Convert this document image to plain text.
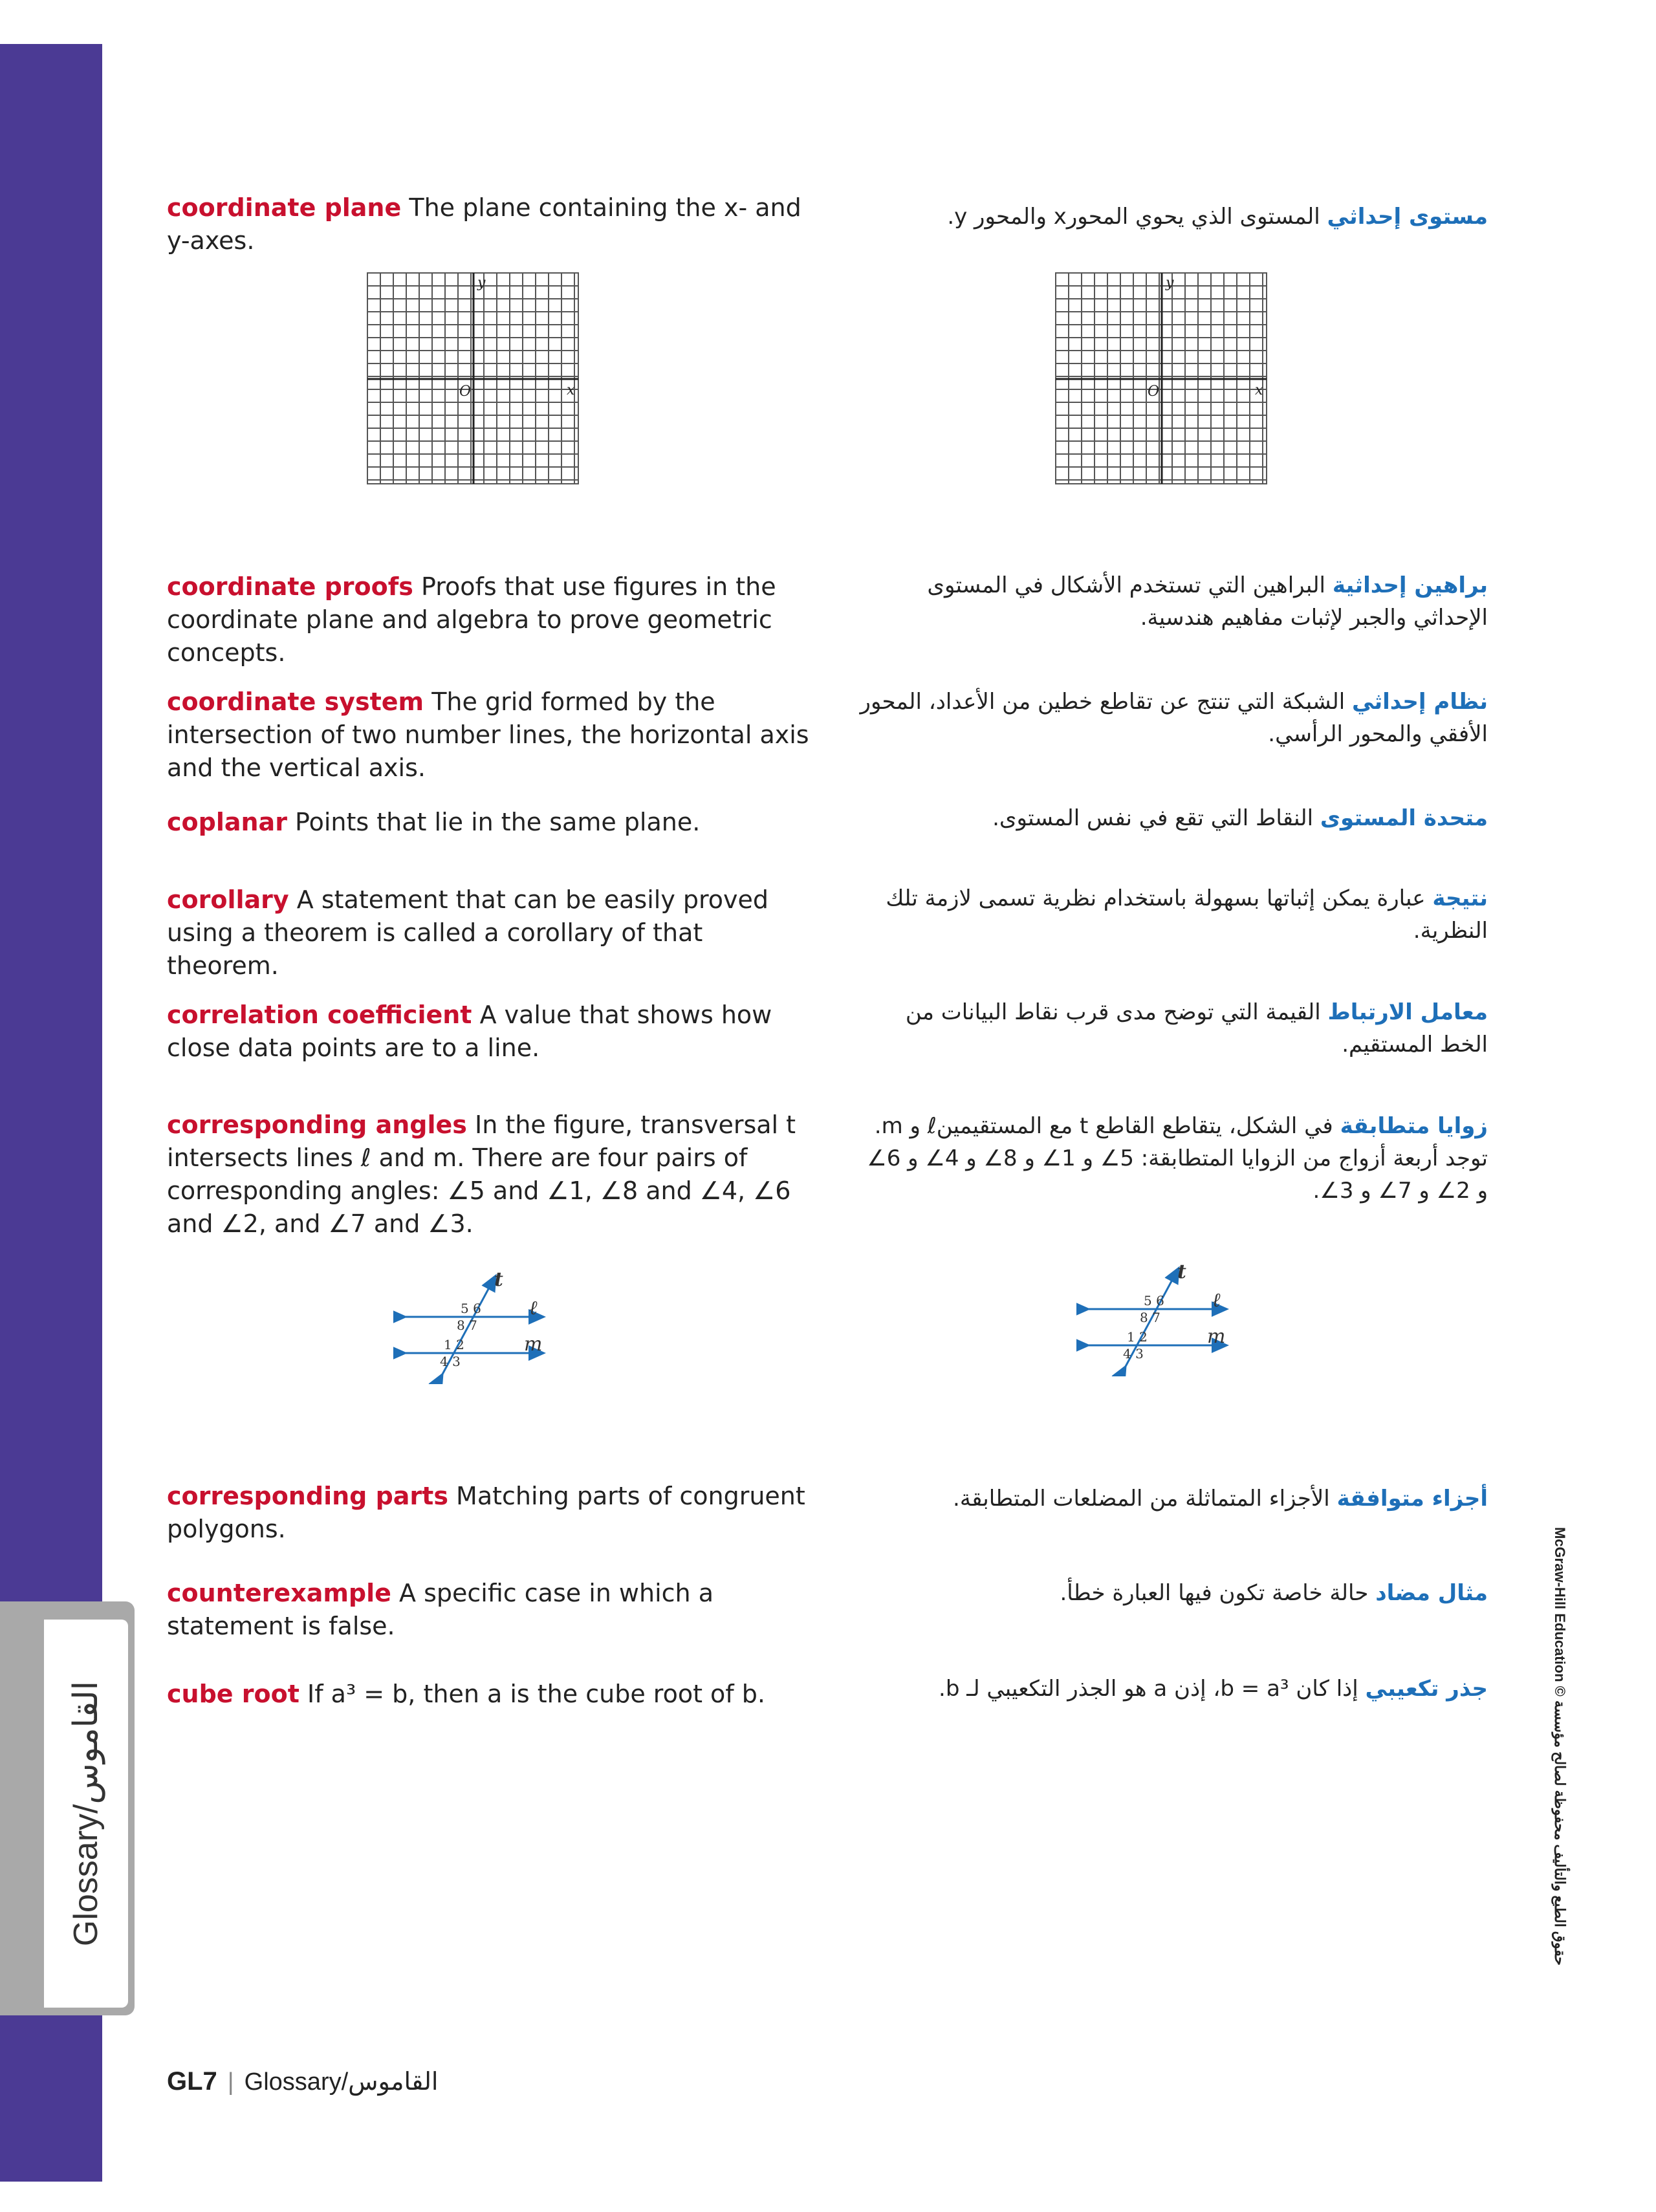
Glossary/القاموس
coordinate plane The plane containing the x- and y-axes.
O	x
y
coordinate proofs Proofs that use figures in the coordinate plane and algebra to prove geometric concepts.
coordinate system The grid formed by the intersection of two number lines, the horizontal axis and the vertical axis.
coplanar Points that lie in the same plane.
corollary A statement that can be easily proved using a theorem is called a corollary of that theorem.
correlation coefficient A value that shows how close data points are to a line.
corresponding angles In the figure, transversal t intersects lines ℓ and m. There are four pairs of corresponding angles: ∠5 and ∠1, ∠8 and ∠4, ∠6 and ∠2, and ∠7 and ∠3.
t
ℓ
m
5 6
8 7
1 2
4 3
corresponding parts Matching parts of congruent polygons.
counterexample A specific case in which a statement is false.
cube root If a³ = b, then a is the cube root of b.
مستوى إحداثي المستوى الذي يحوي المحورx والمحور y.
O	x
y
براهين إحداثية البراهين التي تستخدم الأشكال في المستوى الإحداثي والجبر لإثبات مفاهيم هندسية.
نظام إحداثي الشبكة التي تنتج عن تقاطع خطين من الأعداد، المحور الأفقي والمحور الرأسي.
متحدة المستوى النقاط التي تقع في نفس المستوى.
نتيجة عبارة يمكن إثباتها بسهولة باستخدام نظرية تسمى لازمة تلك النظرية.
معامل الارتباط القيمة التي توضح مدى قرب نقاط البيانات من الخط المستقيم.
زوايا متطابقة في الشكل، يتقاطع القاطع t مع المستقيمينℓ و m. توجد أربعة أزواج من الزوايا المتطابقة: 5∠ و 1∠ و 8∠ و 4∠ و 6∠ و 2∠ و 7∠ و 3∠.
t
ℓ
m
5 6
8 7
1 2
4 3
أجزاء متوافقة الأجزاء المتماثلة من المضلعات المتطابقة.
مثال مضاد حالة خاصة تكون فيها العبارة خطأ.
جذر تكعيبي إذا كان b = a³، إذن a هو الجذر التكعيبي لـ b.
GL7 | Glossary/القاموس
McGraw-Hill Education © حقوق الطبع والتأليف محفوظة لصالح مؤسسة
